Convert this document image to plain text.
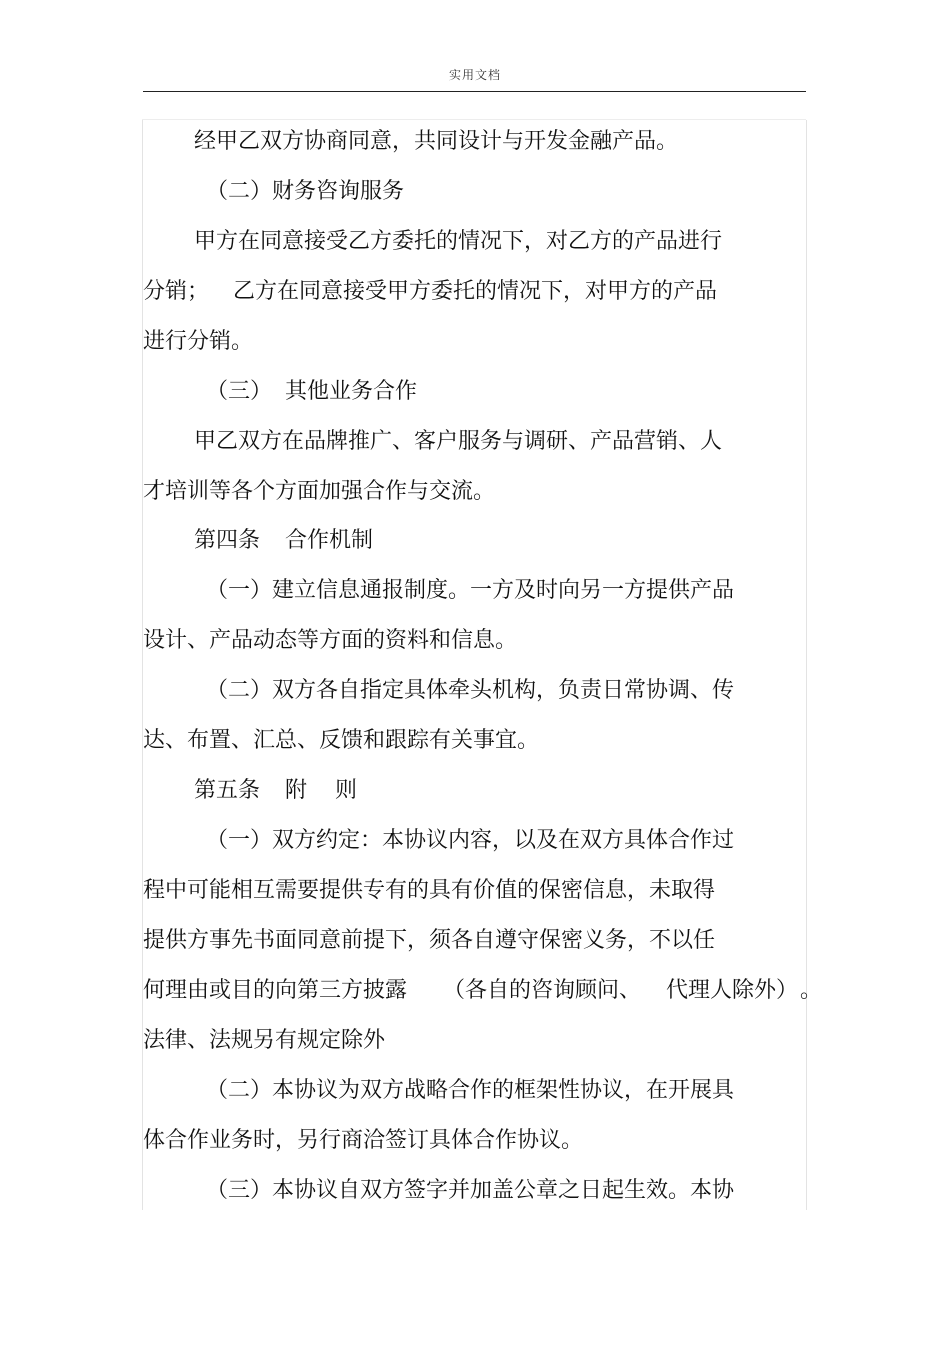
实用文档
经甲乙双方协商同意，共同设计与开发金融产品。
（二）财务咨询服务
甲方在同意接受乙方委托的情况下，对乙方的产品进行
分销； 乙方在同意接受甲方委托的情况下，对甲方的产品
进行分销。
（三） 其他业务合作
甲乙双方在品牌推广、客户服务与调研、产品营销、人
才培训等各个方面加强合作与交流。
第四条 合作机制
（一）建立信息通报制度。一方及时向另一方提供产品
设计、产品动态等方面的资料和信息。
（二）双方各自指定具体牵头机构，负责日常协调、传
达、布置、汇总、反馈和跟踪有关事宜。
第五条 附 则
（一）双方约定：本协议内容，以及在双方具体合作过
程中可能相互需要提供专有的具有价值的保密信息，未取得
提供方事先书面同意前提下，须各自遵守保密义务，不以任
何理由或目的向第三方披露 （各自的咨询顾问、 代理人除外） 。
法律、法规另有规定除外
（二）本协议为双方战略合作的框架性协议，在开展具
体合作业务时，另行商洽签订具体合作协议。
（三）本协议自双方签字并加盖公章之日起生效。本协
